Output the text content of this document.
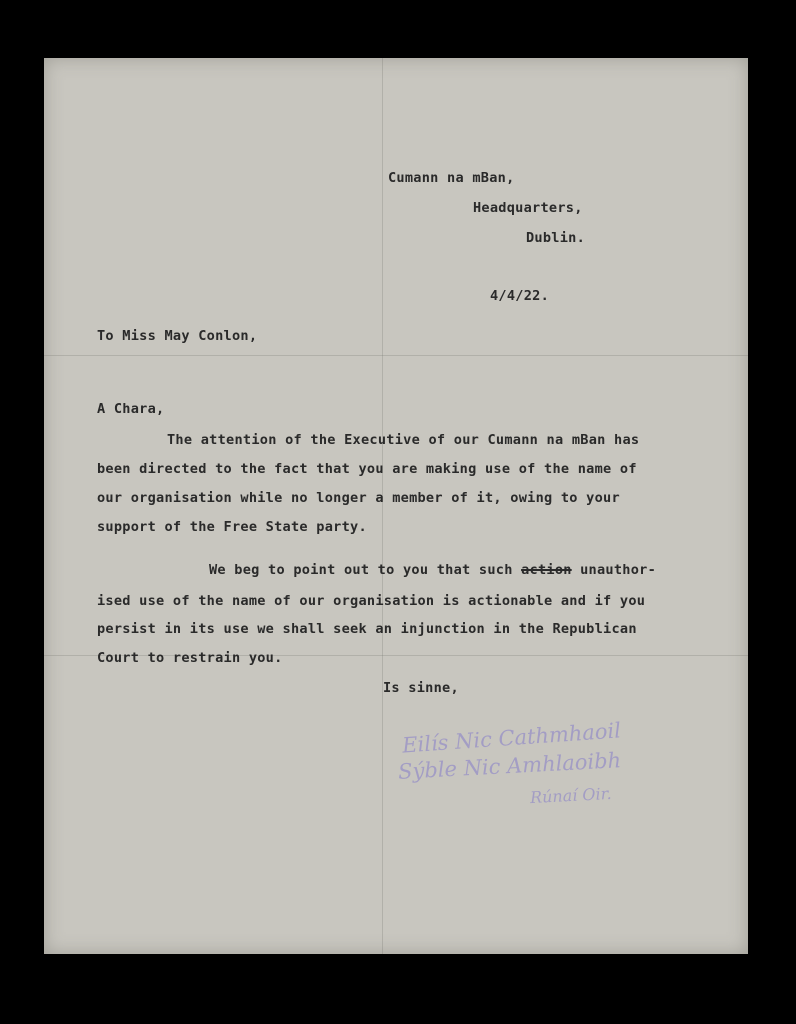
Cumann na mBan,
Headquarters,
Dublin.
4/4/22.
To Miss May Conlon,
A Chara,
The attention of the Executive of our Cumann na mBan has
been directed to the fact that you are making use of the name of
our organisation while no longer a member of it, owing to your
support of the Free State party.
We beg to point out to you that such action unauthor-
ised use of the name of our organisation is actionable and if you
persist in its use we shall seek an injunction in the Republican
Court to restrain you.
Is sinne,
Eilís Nic Cathmhaoil
Sýble Nic Amhlaoibh
Rúnaí Oir.
